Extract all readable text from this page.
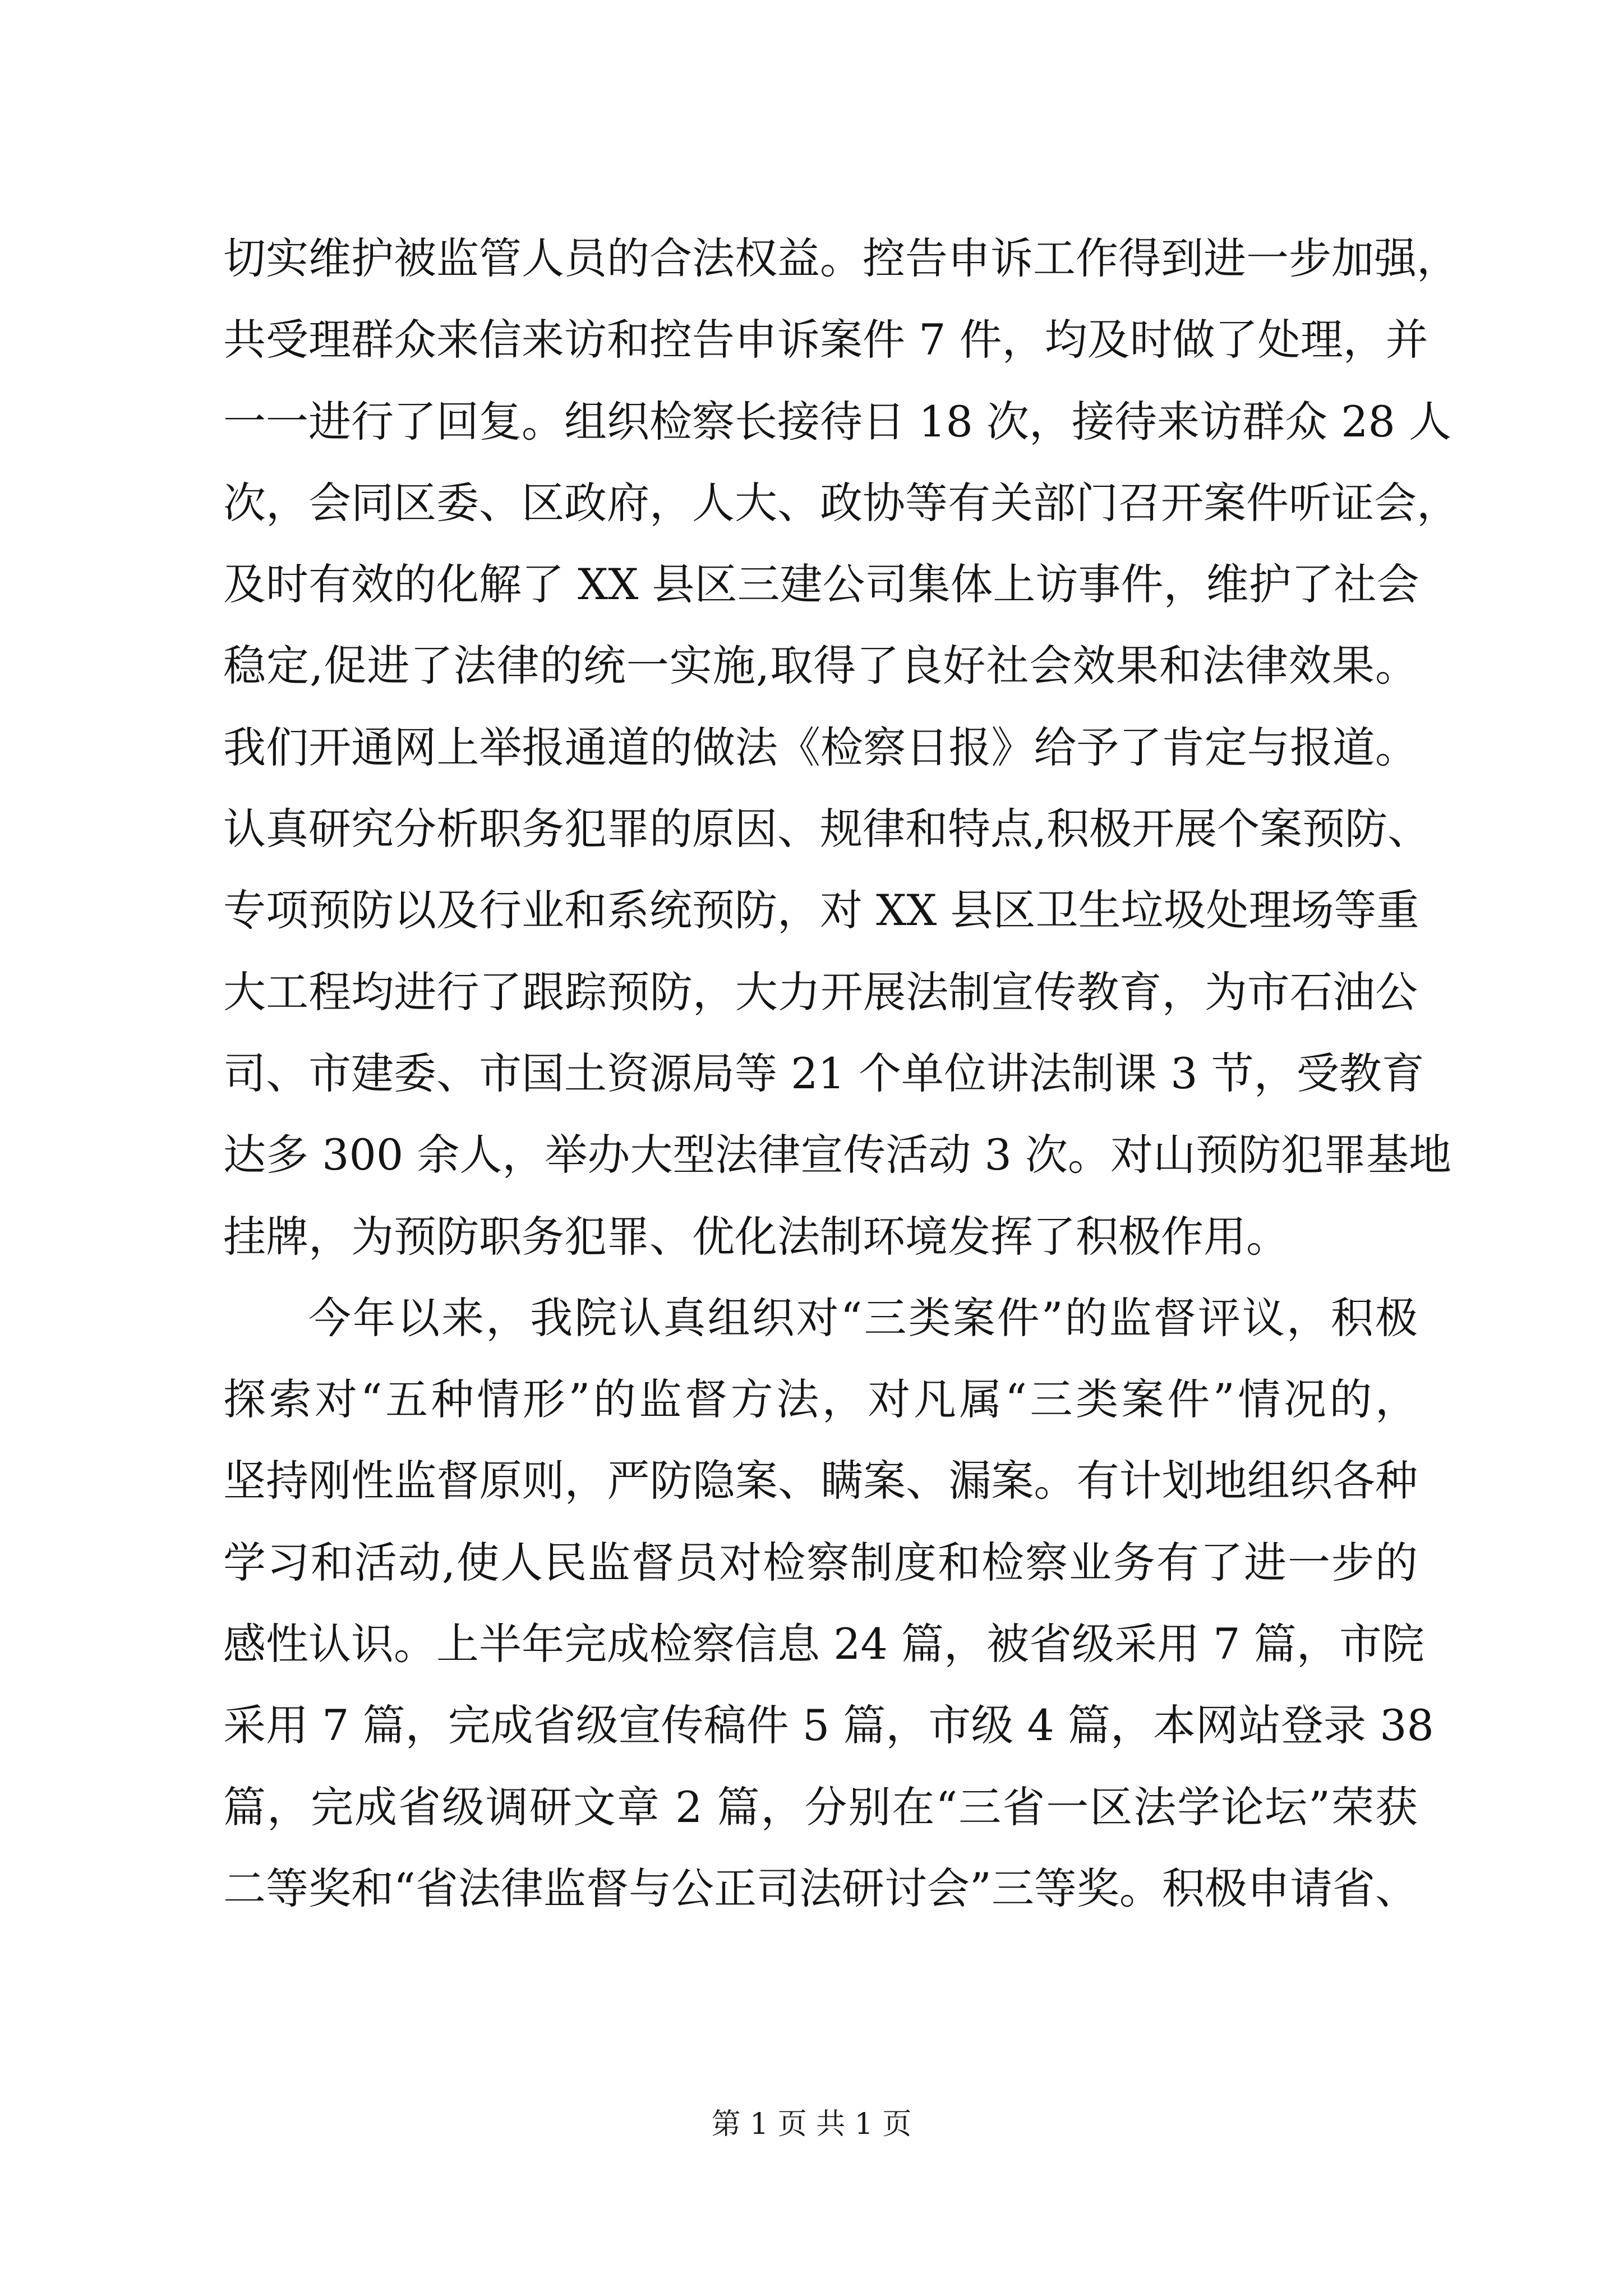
切实维护被监管人员的合法权益。控告申诉工作得到进一步加强，
共受理群众来信来访和控告申诉案件 7 件，均及时做了处理，并
一一进行了回复。组织检察长接待日 18 次，接待来访群众 28 人
次，会同区委、区政府，人大、政协等有关部门召开案件听证会，
及时有效的化解了 XX 县区三建公司集体上访事件，维护了社会
稳定,促进了法律的统一实施,取得了良好社会效果和法律效果。
我们开通网上举报通道的做法《检察日报》给予了肯定与报道。
认真研究分析职务犯罪的原因、规律和特点,积极开展个案预防、
专项预防以及行业和系统预防，对 XX 县区卫生垃圾处理场等重
大工程均进行了跟踪预防，大力开展法制宣传教育，为市石油公
司、市建委、市国土资源局等 21 个单位讲法制课 3 节，受教育
达多 300 余人，举办大型法律宣传活动 3 次。对山预防犯罪基地
挂牌，为预防职务犯罪、优化法制环境发挥了积极作用。
今年以来，我院认真组织对“三类案件”的监督评议，积极
探索对“五种情形”的监督方法，对凡属“三类案件”情况的，
坚持刚性监督原则，严防隐案、瞒案、漏案。有计划地组织各种
学习和活动,使人民监督员对检察制度和检察业务有了进一步的
感性认识。上半年完成检察信息 24 篇，被省级采用 7 篇，市院
采用 7 篇，完成省级宣传稿件 5 篇，市级 4 篇，本网站登录 38
篇，完成省级调研文章 2 篇，分别在“三省一区法学论坛”荣获
二等奖和“省法律监督与公正司法研讨会”三等奖。积极申请省、
第 1 页 共 1 页
